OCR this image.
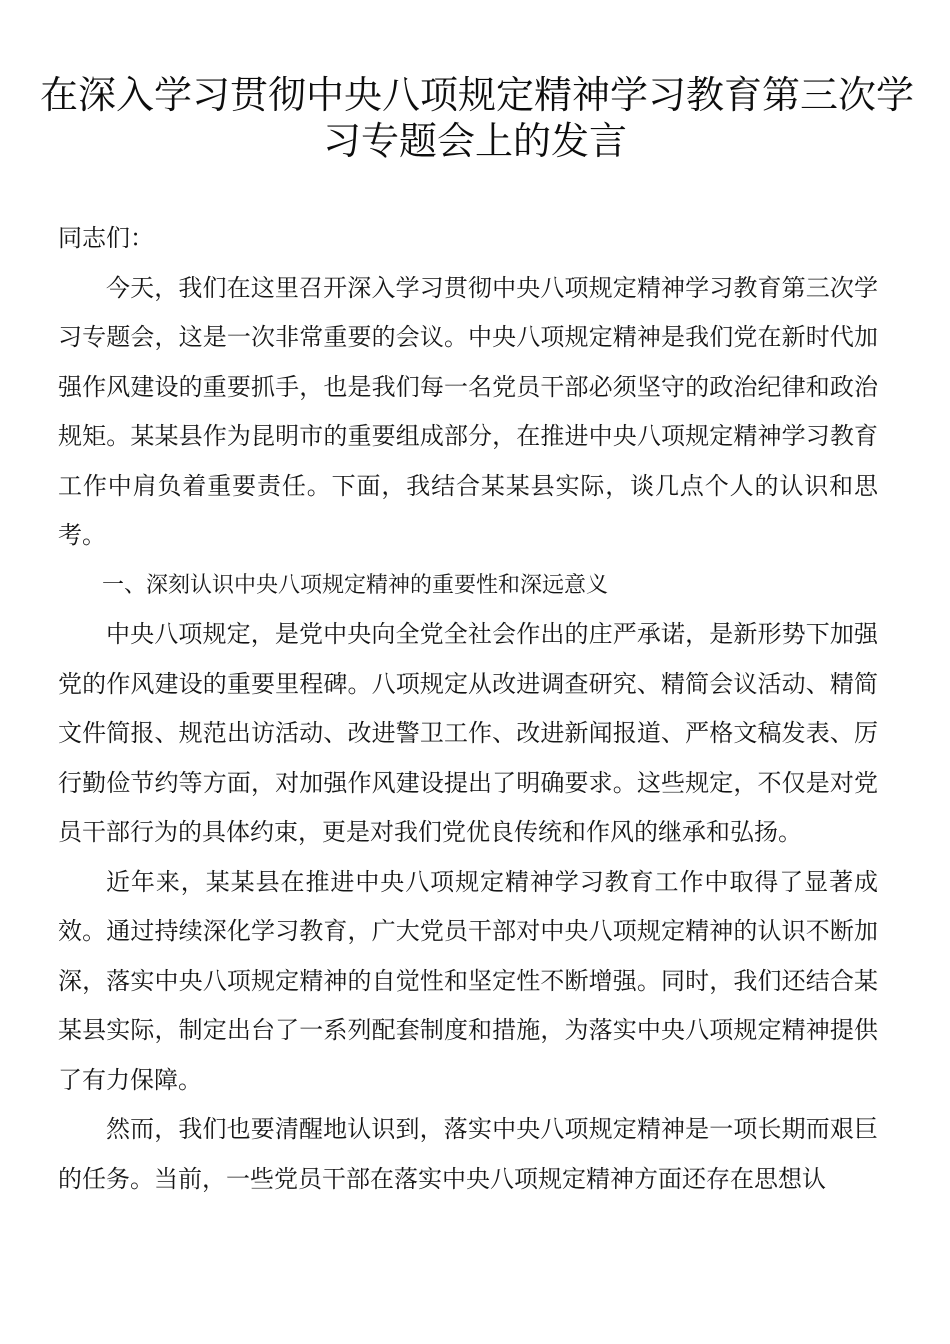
在深入学习贯彻中央八项规定精神学习教育第三次学
习专题会上的发言

同志们：

今天，我们在这里召开深入学习贯彻中央八项规定精神学习教育第三次学习专题会，这是一次非常重要的会议。中央八项规定精神是我们党在新时代加强作风建设的重要抓手，也是我们每一名党员干部必须坚守的政治纪律和政治规矩。某某县作为昆明市的重要组成部分，在推进中央八项规定精神学习教育工作中肩负着重要责任。下面，我结合某某县实际，谈几点个人的认识和思考。

一、深刻认识中央八项规定精神的重要性和深远意义

中央八项规定，是党中央向全党全社会作出的庄严承诺，是新形势下加强党的作风建设的重要里程碑。八项规定从改进调查研究、精简会议活动、精简文件简报、规范出访活动、改进警卫工作、改进新闻报道、严格文稿发表、厉行勤俭节约等方面，对加强作风建设提出了明确要求。这些规定，不仅是对党员干部行为的具体约束，更是对我们党优良传统和作风的继承和弘扬。

近年来，某某县在推进中央八项规定精神学习教育工作中取得了显著成效。通过持续深化学习教育，广大党员干部对中央八项规定精神的认识不断加深，落实中央八项规定精神的自觉性和坚定性不断增强。同时，我们还结合某某县实际，制定出台了一系列配套制度和措施，为落实中央八项规定精神提供了有力保障。

然而，我们也要清醒地认识到，落实中央八项规定精神是一项长期而艰巨的任务。当前，一些党员干部在落实中央八项规定精神方面还存在思想认
